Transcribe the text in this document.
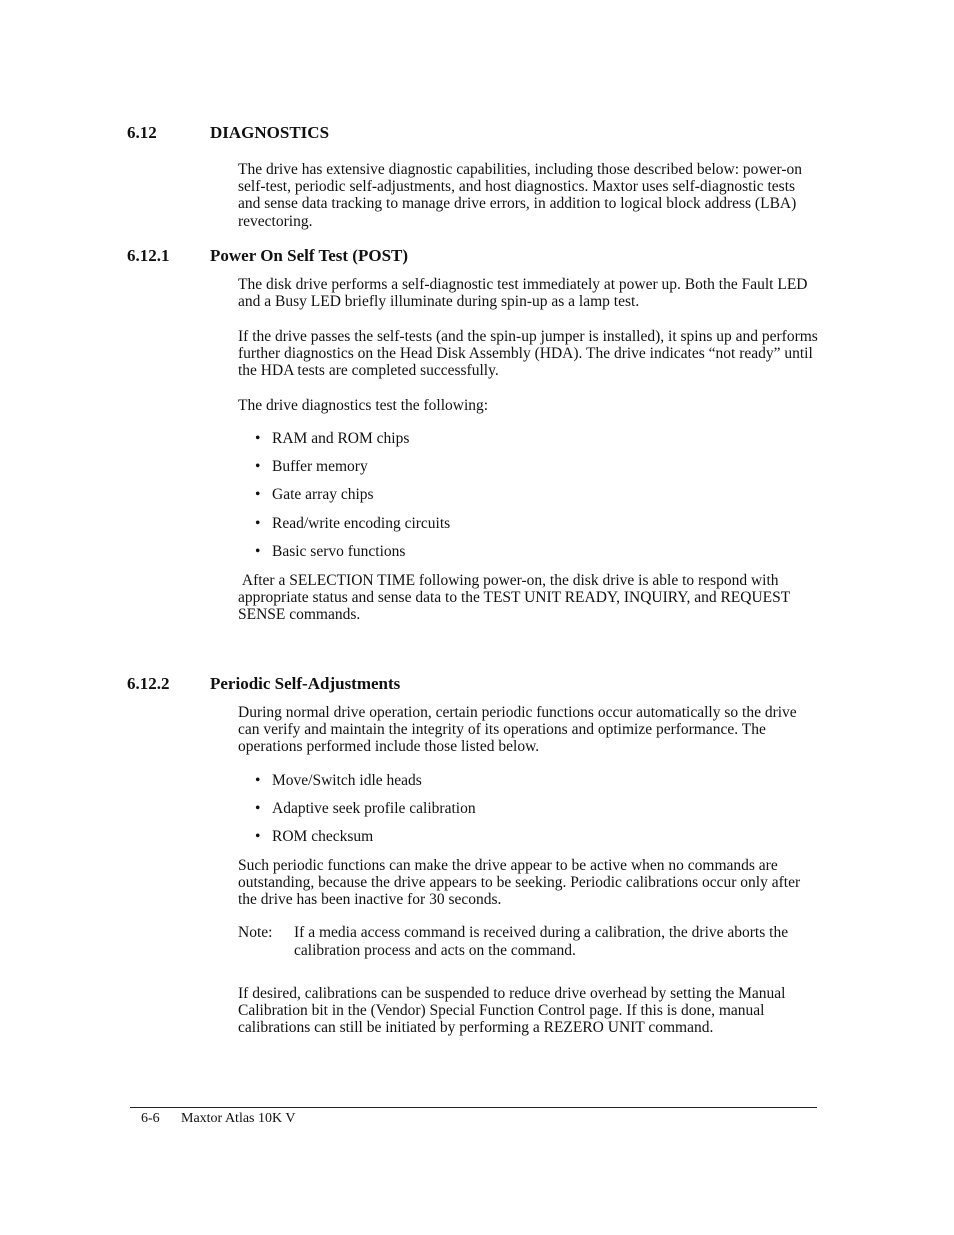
6.12	DIAGNOSTICS

The drive has extensive diagnostic capabilities, including those described below: power-on self-test, periodic self-adjustments, and host diagnostics. Maxtor uses self-diagnostic tests and sense data tracking to manage drive errors, in addition to logical block address (LBA) revectoring.

6.12.1 Power On Self Test (POST)

The disk drive performs a self-diagnostic test immediately at power up. Both the Fault LED and a Busy LED briefly illuminate during spin-up as a lamp test.

If the drive passes the self-tests (and the spin-up jumper is installed), it spins up and performs further diagnostics on the Head Disk Assembly (HDA). The drive indicates “not ready” until the HDA tests are completed successfully.

The drive diagnostics test the following:

• RAM and ROM chips
• Buffer memory
• Gate array chips
• Read/write encoding circuits
• Basic servo functions

After a SELECTION TIME following power-on, the disk drive is able to respond with appropriate status and sense data to the TEST UNIT READY, INQUIRY, and REQUEST SENSE commands.

6.12.2 Periodic Self-Adjustments

During normal drive operation, certain periodic functions occur automatically so the drive can verify and maintain the integrity of its operations and optimize performance. The operations performed include those listed below.

• Move/Switch idle heads
• Adaptive seek profile calibration
• ROM checksum

Such periodic functions can make the drive appear to be active when no commands are outstanding, because the drive appears to be seeking. Periodic calibrations occur only after the drive has been inactive for 30 seconds.

Note: If a media access command is received during a calibration, the drive aborts the calibration process and acts on the command.

If desired, calibrations can be suspended to reduce drive overhead by setting the Manual Calibration bit in the (Vendor) Special Function Control page. If this is done, manual calibrations can still be initiated by performing a REZERO UNIT command.

6-6 Maxtor Atlas 10K V
